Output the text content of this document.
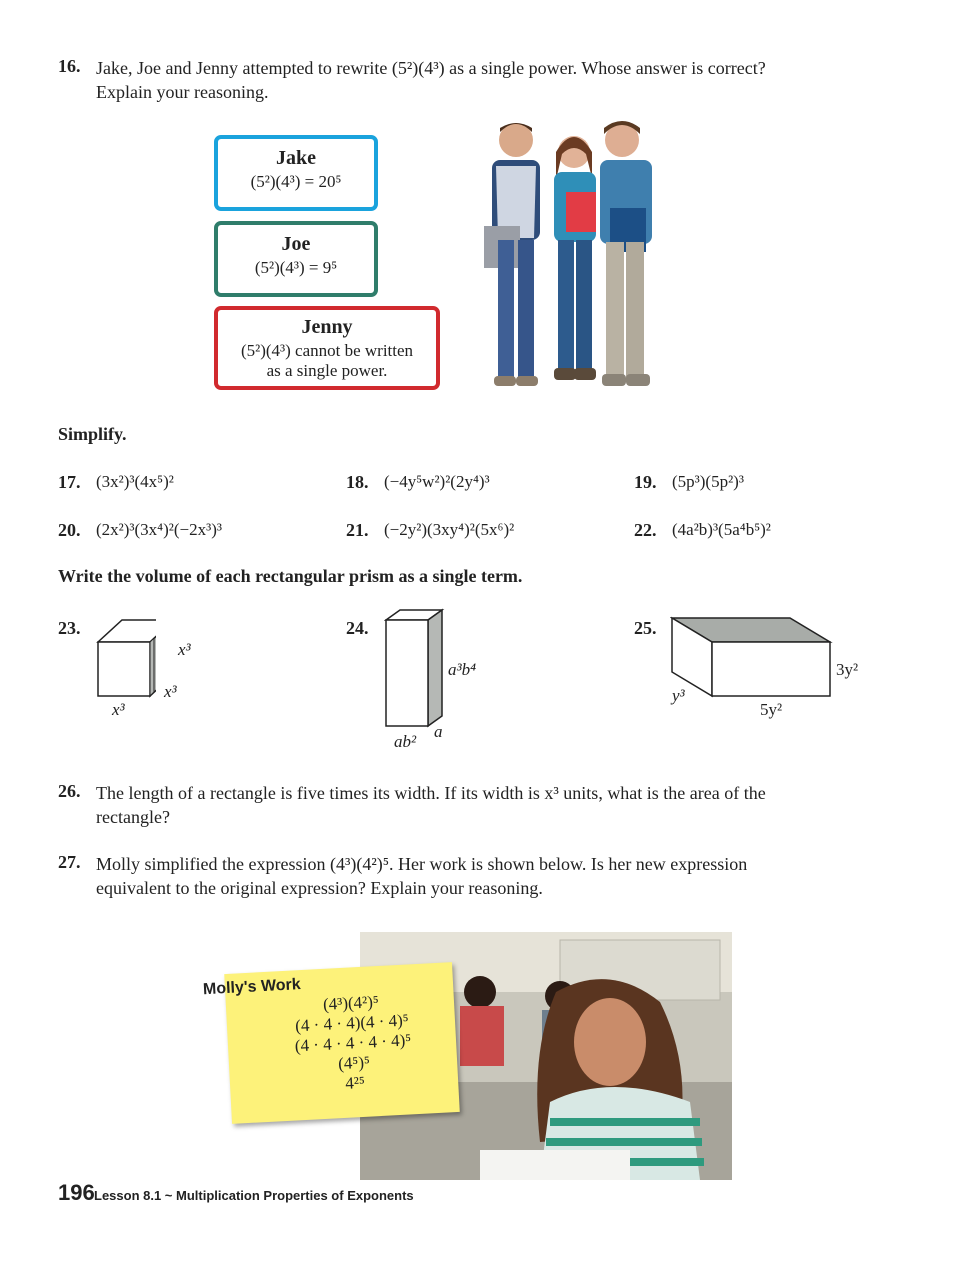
16. Jake, Joe and Jenny attempted to rewrite (5²)(4³) as a single power. Whose answer is correct?
Explain your reasoning.
Jake
(5²)(4³) = 20⁵
Joe
(5²)(4³) = 9⁵
Jenny
(5²)(4³) cannot be written
as a single power.
Simplify.
17. (3x²)³(4x⁵)²	18. (−4y⁵w²)²(2y⁴)³	19. (5p³)(5p²)³
20. (2x²)³(3x⁴)²(−2x³)³	21. (−2y²)(3xy⁴)²(5x⁶)²	22. (4a²b)³(5a⁴b⁵)²
Write the volume of each rectangular prism as a single term.
23.
x³
x³
x³
24.
a³b⁴
a
ab²
25.
3y²
y³
5y²
26. The length of a rectangle is five times its width. If its width is x³ units, what is the area of the
rectangle?
27. Molly simplified the expression (4³)(4²)⁵. Her work is shown below. Is her new expression
equivalent to the original expression? Explain your reasoning.
Molly's Work
(4³)(4²)⁵
(4 · 4 · 4)(4 · 4)⁵
(4 · 4 · 4 · 4 · 4)⁵
(4⁵)⁵
4²⁵
196 Lesson 8.1 ~ Multiplication Properties of Exponents
